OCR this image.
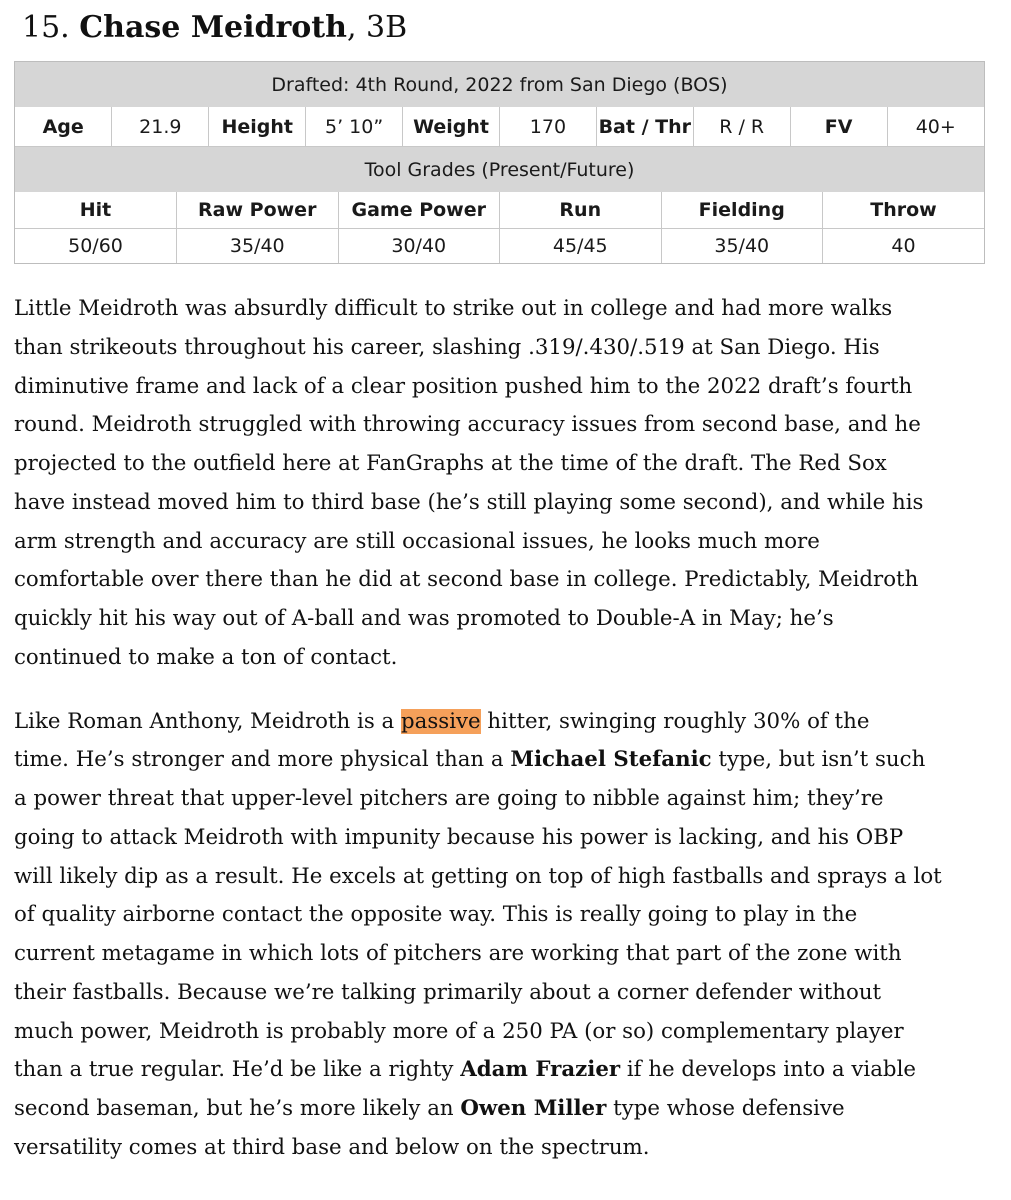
15. Chase Meidroth, 3B
Drafted: 4th Round, 2022 from San Diego (BOS)
Age	21.9	Height	5’ 10”	Weight	170	Bat / Thr	R / R	FV	40+
Tool Grades (Present/Future)
Hit	Raw Power	Game Power	Run	Fielding	Throw
50/60	35/40	30/40	45/45	35/40	40

Little Meidroth was absurdly difficult to strike out in college and had more walks
than strikeouts throughout his career, slashing .319/.430/.519 at San Diego. His
diminutive frame and lack of a clear position pushed him to the 2022 draft’s fourth
round. Meidroth struggled with throwing accuracy issues from second base, and he
projected to the outfield here at FanGraphs at the time of the draft. The Red Sox
have instead moved him to third base (he’s still playing some second), and while his
arm strength and accuracy are still occasional issues, he looks much more
comfortable over there than he did at second base in college. Predictably, Meidroth
quickly hit his way out of A-ball and was promoted to Double-A in May; he’s
continued to make a ton of contact.

Like Roman Anthony, Meidroth is a passive hitter, swinging roughly 30% of the
time. He’s stronger and more physical than a Michael Stefanic type, but isn’t such
a power threat that upper-level pitchers are going to nibble against him; they’re
going to attack Meidroth with impunity because his power is lacking, and his OBP
will likely dip as a result. He excels at getting on top of high fastballs and sprays a lot
of quality airborne contact the opposite way. This is really going to play in the
current metagame in which lots of pitchers are working that part of the zone with
their fastballs. Because we’re talking primarily about a corner defender without
much power, Meidroth is probably more of a 250 PA (or so) complementary player
than a true regular. He’d be like a righty Adam Frazier if he develops into a viable
second baseman, but he’s more likely an Owen Miller type whose defensive
versatility comes at third base and below on the spectrum.
